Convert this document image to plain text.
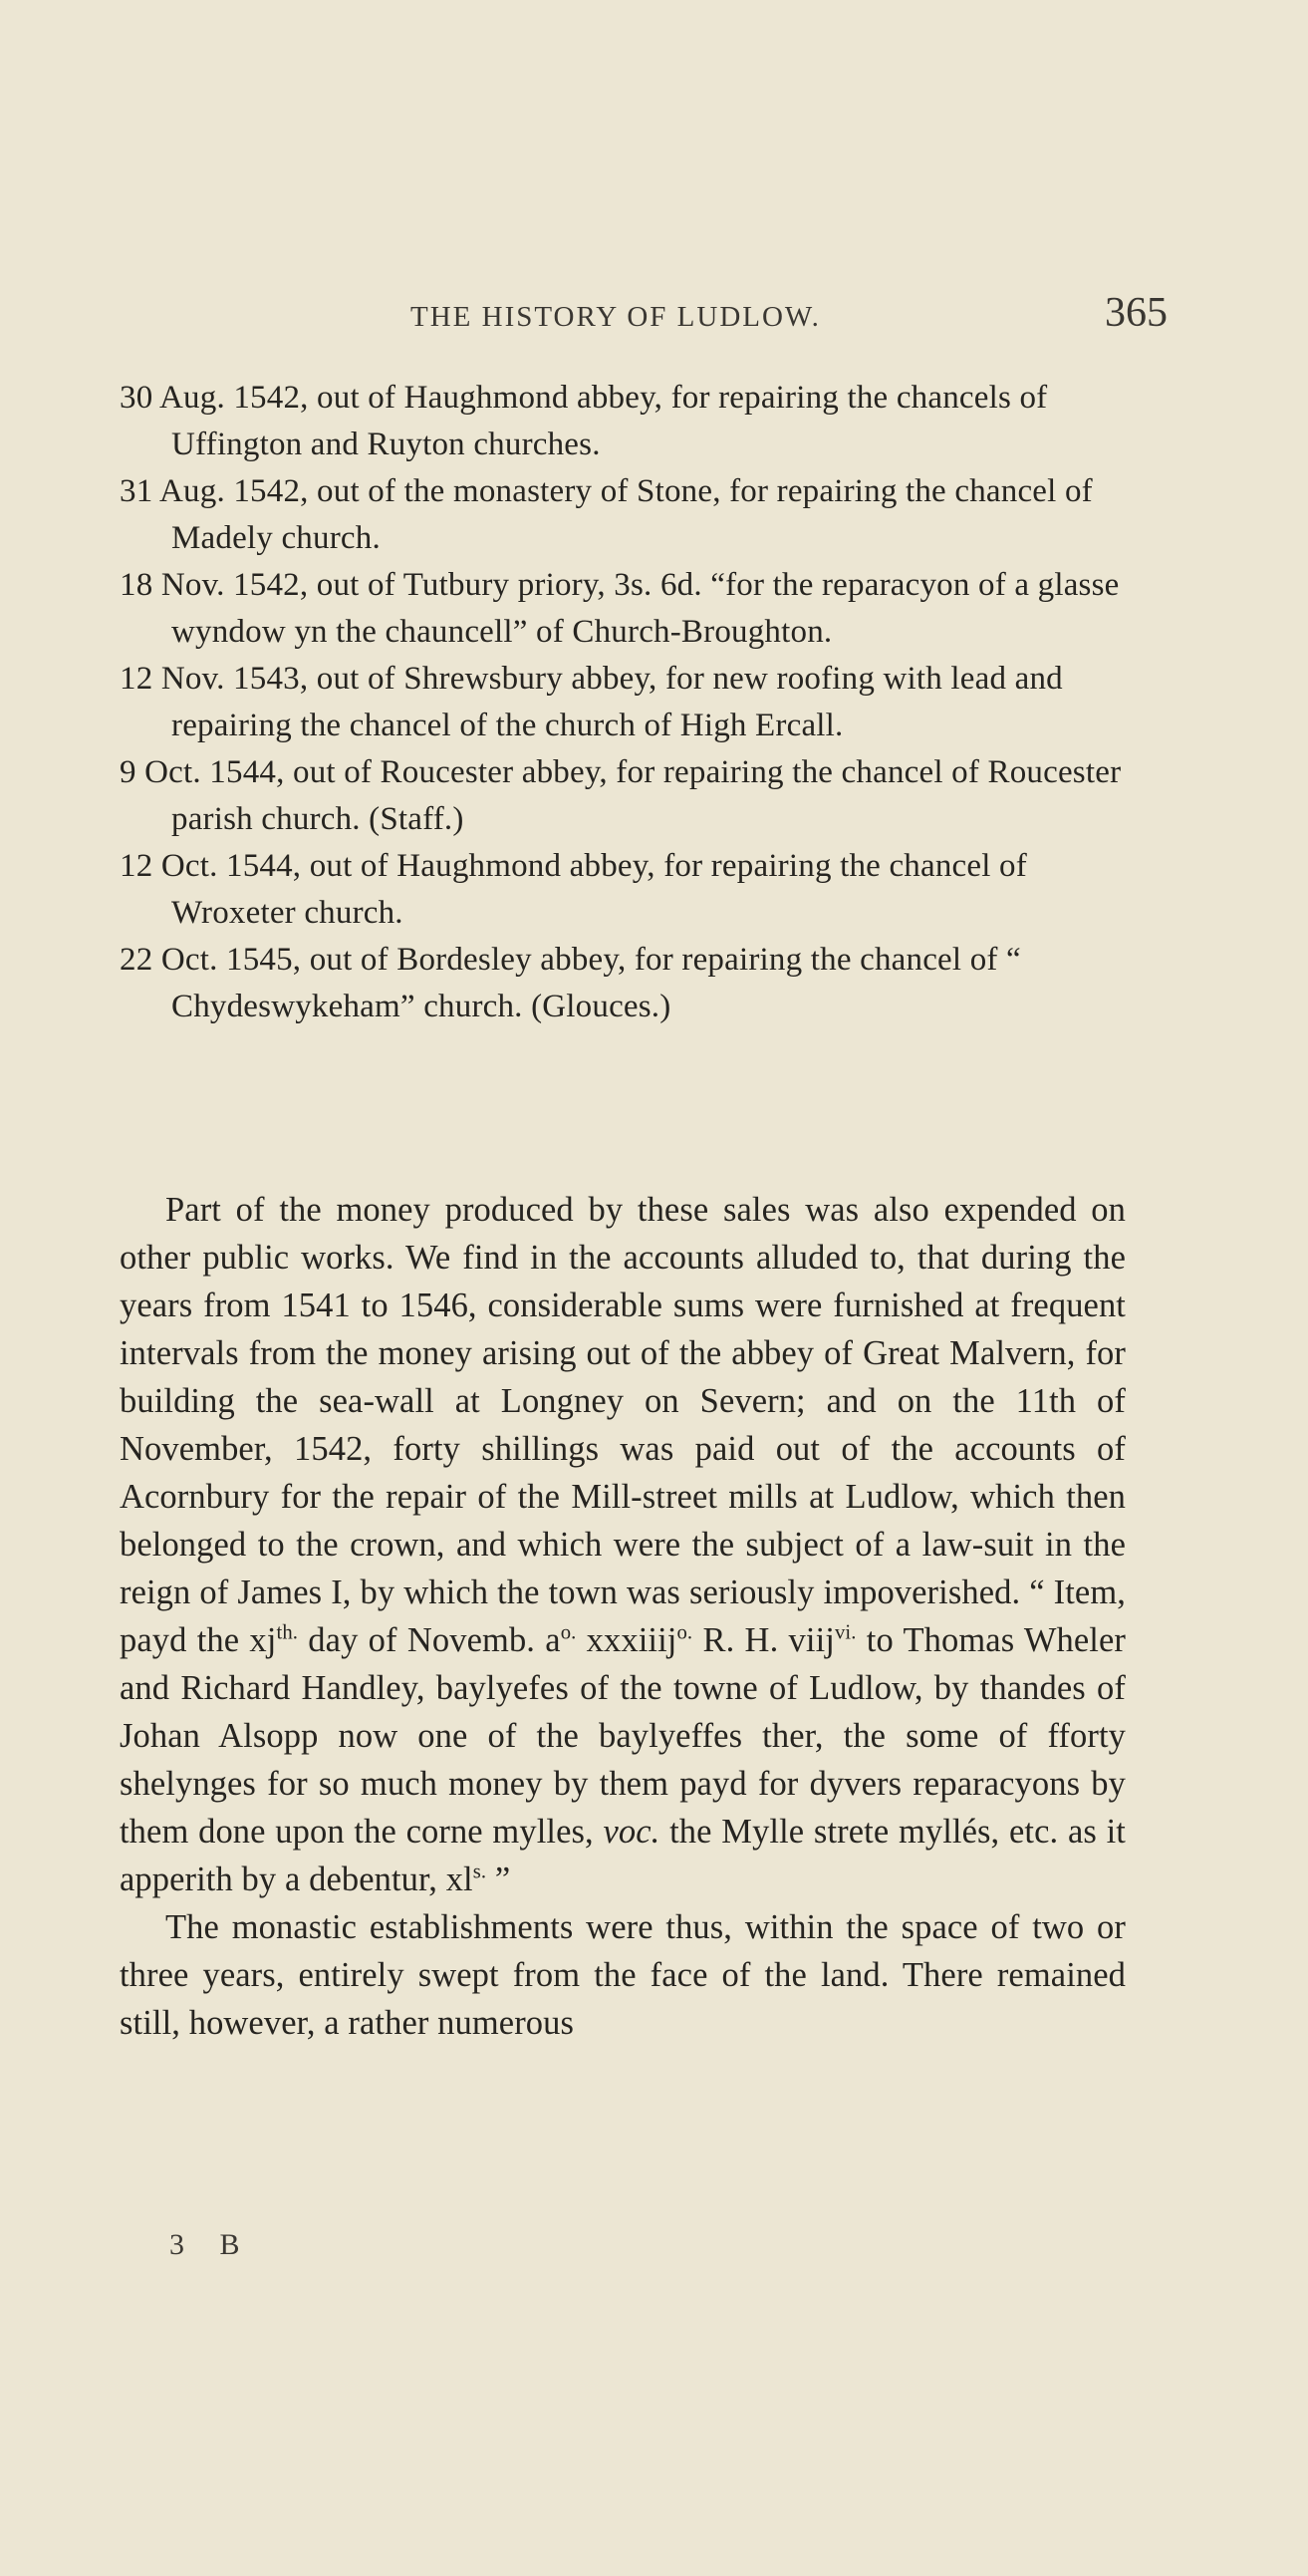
THE HISTORY OF LUDLOW.	365
30 Aug. 1542, out of Haughmond abbey, for repairing the chancels of Uffington and Ruyton churches.
31 Aug. 1542, out of the monastery of Stone, for repairing the chancel of Madely church.
18 Nov. 1542, out of Tutbury priory, 3s. 6d. “for the reparacyon of a glasse wyndow yn the chauncell” of Church-Broughton.
12 Nov. 1543, out of Shrewsbury abbey, for new roofing with lead and repairing the chancel of the church of High Ercall.
9 Oct. 1544, out of Roucester abbey, for repairing the chancel of Roucester parish church. (Staff.)
12 Oct. 1544, out of Haughmond abbey, for repairing the chancel of Wroxeter church.
22 Oct. 1545, out of Bordesley abbey, for repairing the chancel of “ Chydeswykeham” church. (Glouces.)

Part of the money produced by these sales was also expended on other public works. We find in the accounts alluded to, that during the years from 1541 to 1546, considerable sums were furnished at frequent intervals from the money arising out of the abbey of Great Malvern, for building the sea-wall at Longney on Severn; and on the 11th of November, 1542, forty shillings was paid out of the accounts of Acornbury for the repair of the Mill-street mills at Ludlow, which then belonged to the crown, and which were the subject of a law-suit in the reign of James I, by which the town was seriously impoverished. “ Item, payd the $xj^{th.}$ day of Novemb. $a^{o.}$ xxxiiij$^{o.}$ R. H. viij$^{vi.}$ to Thomas Wheler and Richard Handley, baylyefes of the towne of Ludlow, by thandes of Johan Alsopp now one of the baylyeffes ther, the some of fforty shelynges for so much money by them payd for dyvers reparacyons by them done upon the corne mylles, voc. the Mylle strete myllés, etc. as it apperith by a debentur, $xl^{s.}$ ”

The monastic establishments were thus, within the space of two or three years, entirely swept from the face of the land. There remained still, however, a rather numerous

3 B
